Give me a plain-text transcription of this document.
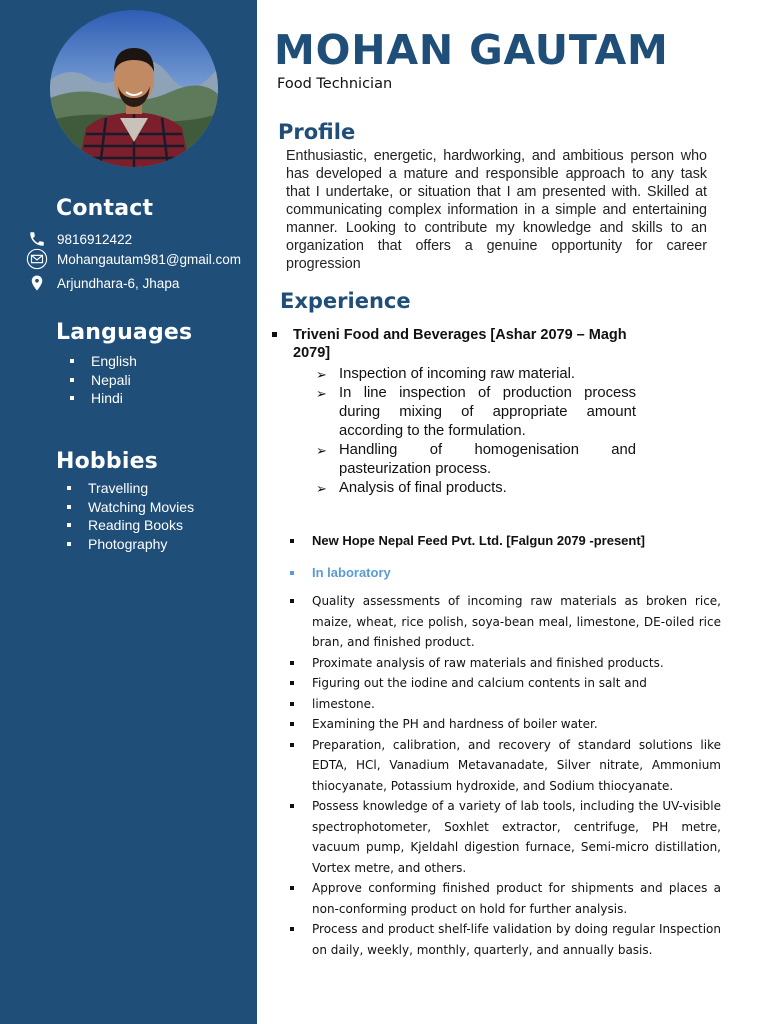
Contact
9816912422
Mohangautam981@gmail.com
Arjundhara-6, Jhapa
Languages
English
Nepali
Hindi
Hobbies
Travelling
Watching Movies
Reading Books
Photography
MOHAN GAUTAM

Food Technician

Profile

Enthusiastic, energetic, hardworking, and ambitious person who has developed a mature and responsible approach to any task that I undertake, or situation that I am presented with. Skilled at communicating complex information in a simple and entertaining manner. Looking to contribute my knowledge and skills to an organization that offers a genuine opportunity for career progression

Experience
Triveni Food and Beverages [Ashar 2079 – Magh 2079]
➢ Inspection of incoming raw material.
➢ In line inspection of production process during mixing of appropriate amount according to the formulation.
➢ Handling of homogenisation and pasteurization process.
➢ Analysis of final products.
New Hope Nepal Feed Pvt. Ltd. [Falgun 2079 -present]
In laboratory
Quality assessments of incoming raw materials as broken rice, maize, wheat, rice polish, soya-bean meal, limestone, DE-oiled rice bran, and finished product.
Proximate analysis of raw materials and finished products.
Figuring out the iodine and calcium contents in salt and
limestone.
Examining the PH and hardness of boiler water.
Preparation, calibration, and recovery of standard solutions like EDTA, HCl, Vanadium Metavanadate, Silver nitrate, Ammonium thiocyanate, Potassium hydroxide, and Sodium thiocyanate.
Possess knowledge of a variety of lab tools, including the UV-visible spectrophotometer, Soxhlet extractor, centrifuge, PH metre, vacuum pump, Kjeldahl digestion furnace, Semi-micro distillation, Vortex metre, and others.
Approve conforming finished product for shipments and places a non-conforming product on hold for further analysis.
Process and product shelf-life validation by doing regular Inspection on daily, weekly, monthly, quarterly, and annually basis.
